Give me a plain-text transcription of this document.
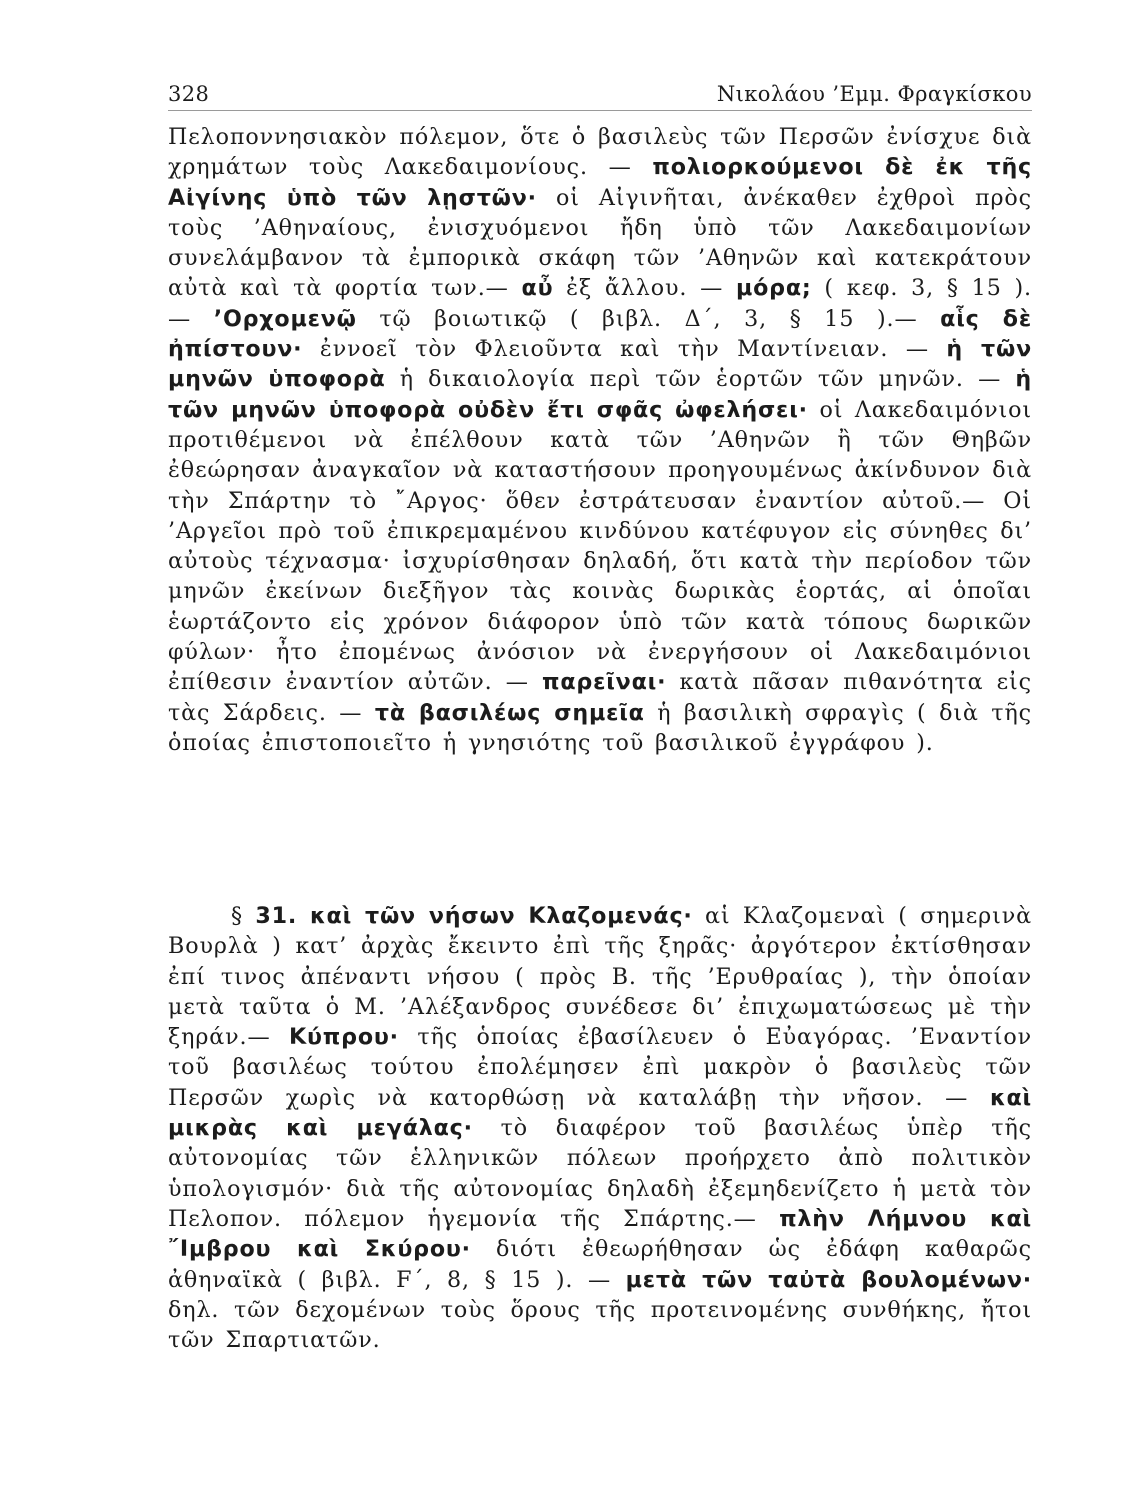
328	Νικολάου ’Εμμ. Φραγκίσκου

Πελοποννησιακὸν πόλεμον, ὅτε ὁ βασιλεὺς τῶν Περσῶν ἐνίσχυε διὰ χρημάτων τοὺς Λακεδαιμονίους. — πολιορκούμενοι δὲ ἐκ τῆς Αἰγίνης ὑπὸ τῶν λῃστῶν· οἱ Αἰγινῆται, ἀνέκαθεν ἐχθροὶ πρὸς τοὺς ’Αθηναίους, ἐνισχυόμενοι ἤδη ὑπὸ τῶν Λακεδαιμονίων συνελάμβανον τὰ ἐμπορικὰ σκάφη τῶν ’Αθηνῶν καὶ κατεκράτουν αὐτὰ καὶ τὰ φορτία των.— αὖ ἐξ ἄλλου. — μόρα; ( κεφ. 3, § 15 ). — ’Ορχομενῷ τῷ βοιωτικῷ ( βιβλ. Δ΄, 3, § 15 ).— αἷς δὲ ἠπίστουν· ἐννοεῖ τὸν Φλειοῦντα καὶ τὴν Μαντίνειαν. — ἡ τῶν μηνῶν ὑποφορὰ ἡ δικαιολογία περὶ τῶν ἑορτῶν τῶν μηνῶν. — ἡ τῶν μηνῶν ὑποφορὰ οὐδὲν ἔτι σφᾶς ὠφελήσει· οἱ Λακεδαιμόνιοι προτιθέμενοι νὰ ἐπέλθουν κατὰ τῶν ’Αθηνῶν ἢ τῶν Θηβῶν ἐθεώρησαν ἀναγκαῖον νὰ καταστήσουν προηγουμένως ἀκίνδυνον διὰ τὴν Σπάρτην τὸ ῎Αργος· ὅθεν ἐστράτευσαν ἐναντίον αὐτοῦ.— Οἱ ’Αργεῖοι πρὸ τοῦ ἐπικρεμαμένου κινδύνου κατέφυγον εἰς σύνηθες δι’ αὐτοὺς τέχνασμα· ἰσχυρίσθησαν δηλαδή, ὅτι κατὰ τὴν περίοδον τῶν μηνῶν ἐκείνων διεξῆγον τὰς κοινὰς δωρικὰς ἑορτάς, αἱ ὁποῖαι ἑωρτάζοντο εἰς χρόνον διάφορον ὑπὸ τῶν κατὰ τόπους δωρικῶν φύλων· ἦτο ἐπομένως ἀνόσιον νὰ ἐνεργήσουν οἱ Λακεδαιμόνιοι ἐπίθεσιν ἐναντίον αὐτῶν. — παρεῖναι· κατὰ πᾶσαν πιθανότητα εἰς τὰς Σάρδεις. — τὰ βασιλέως σημεῖα ἡ βασιλικὴ σφραγὶς ( διὰ τῆς ὁποίας ἐπιστοποιεῖτο ἡ γνησιότης τοῦ βασιλικοῦ ἐγγράφου ).

§ 31. καὶ τῶν νήσων Κλαζομενάς· αἱ Κλαζομεναὶ ( σημερινὰ Βουρλὰ ) κατ’ ἀρχὰς ἔκειντο ἐπὶ τῆς ξηρᾶς· ἀργότερον ἐκτίσθησαν ἐπί τινος ἀπέναντι νήσου ( πρὸς Β. τῆς ’Ερυθραίας ), τὴν ὁποίαν μετὰ ταῦτα ὁ Μ. ’Αλέξανδρος συνέδεσε δι’ ἐπιχωματώσεως μὲ τὴν ξηράν.— Κύπρου· τῆς ὁποίας ἐβασίλευεν ὁ Εὐαγόρας. ’Εναντίον τοῦ βασιλέως τούτου ἐπολέμησεν ἐπὶ μακρὸν ὁ βασιλεὺς τῶν Περσῶν χωρὶς νὰ κατορθώσῃ νὰ καταλάβῃ τὴν νῆσον. — καὶ μικρὰς καὶ μεγάλας· τὸ διαφέρον τοῦ βασιλέως ὑπὲρ τῆς αὐτονομίας τῶν ἑλληνικῶν πόλεων προήρχετο ἀπὸ πολιτικὸν ὑπολογισμόν· διὰ τῆς αὐτονομίας δηλαδὴ ἐξεμηδενίζετο ἡ μετὰ τὸν Πελοπον. πόλεμον ἡγεμονία τῆς Σπάρτης.— πλὴν Λήμνου καὶ ῎Ιμβρου καὶ Σκύρου· διότι ἐθεωρήθησαν ὡς ἐδάφη καθαρῶς ἀθηναϊκὰ ( βιβλ. F΄, 8, § 15 ). — μετὰ τῶν ταὐτὰ βουλομένων· δηλ. τῶν δεχομένων τοὺς ὅρους τῆς προτεινομένης συνθήκης, ἤτοι τῶν Σπαρτιατῶν.
